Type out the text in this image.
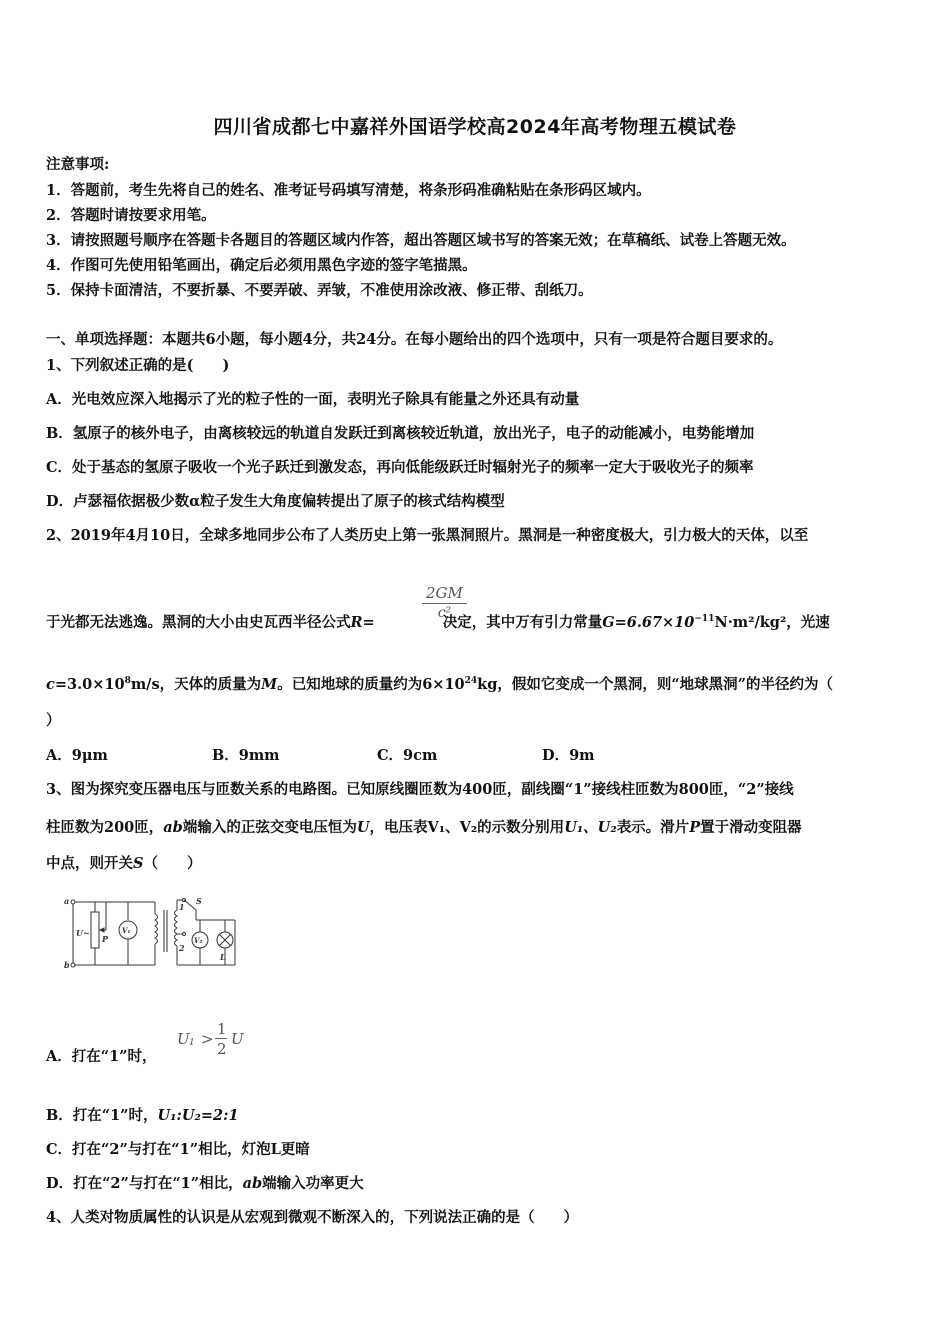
四川省成都七中嘉祥外国语学校高2024年高考物理五模试卷
注意事项:
1．答题前，考生先将自己的姓名、准考证号码填写清楚，将条形码准确粘贴在条形码区域内。
2．答题时请按要求用笔。
3．请按照题号顺序在答题卡各题目的答题区域内作答，超出答题区域书写的答案无效；在草稿纸、试卷上答题无效。
4．作图可先使用铅笔画出，确定后必须用黑色字迹的签字笔描黑。
5．保持卡面清洁，不要折暴、不要弄破、弄皱，不准使用涂改液、修正带、刮纸刀。
一、单项选择题：本题共6小题，每小题4分，共24分。在每小题给出的四个选项中，只有一项是符合题目要求的。
1、下列叙述正确的是(　　)
A．光电效应深入地揭示了光的粒子性的一面，表明光子除具有能量之外还具有动量
B．氢原子的核外电子，由离核较远的轨道自发跃迁到离核较近轨道，放出光子，电子的动能减小，电势能增加
C．处于基态的氢原子吸收一个光子跃迁到激发态，再向低能级跃迁时辐射光子的频率一定大于吸收光子的频率
D．卢瑟福依据极少数α粒子发生大角度偏转提出了原子的核式结构模型
2、2019年4月10日，全球多地同步公布了人类历史上第一张黑洞照片。黑洞是一种密度极大，引力极大的天体，以至
于光都无法逃逸。黑洞的大小由史瓦西半径公式R=	决定，其中万有引力常量$G=6.67\times 10^{-11}N\cdot m^2$/kg²，光速
2GM
c²
$c=3.0\times 10^8m/s$，天体的质量为M。已知地球的质量约为$6\times 10^{24}kg$，假如它变成一个黑洞，则“地球黑洞”的半径约为（
）
A．9μm	B．9mm	C．9cm	D．9m
3、图为探究变压器电压与匝数关系的电路图。已知原线圈匝数为400匝，副线圈“1”接线柱匝数为800匝，“2”接线
柱匝数为200匝，ab端输入的正弦交变电压恒为U，电压表V₁、V₂的示数分别用U₁、U₂表示。滑片P置于滑动变阻器
中点，则开关S（　　）
a
b
U~
P
V₁
1
2
S
V₂
L
A．打在“1”时，
U 1 >
1
2
U
B．打在“1”时，U₁:U₂=2:1
C．打在“2”与打在“1”相比，灯泡L更暗
D．打在“2”与打在“1”相比，ab端输入功率更大
4、人类对物质属性的认识是从宏观到微观不断深入的，下列说法正确的是（　　）
